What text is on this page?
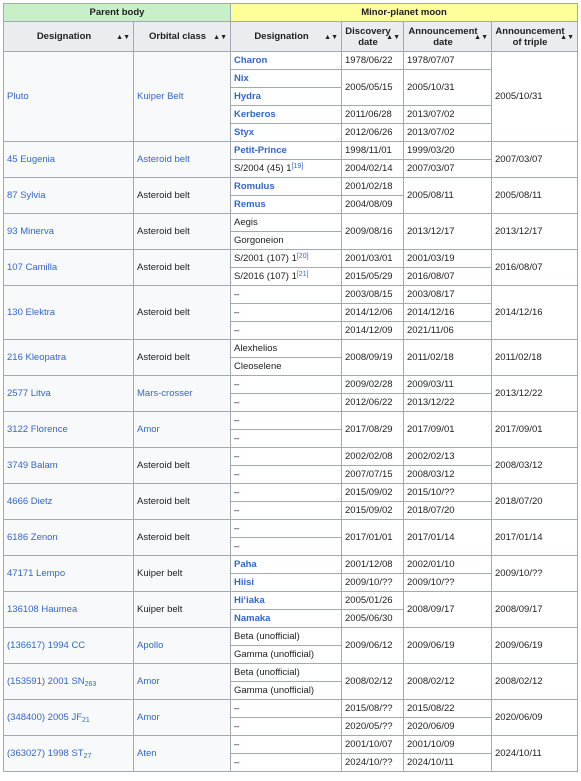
Parent body		Minor-planet moon			
Designation ▲▼	Orbital class ▲▼	Designation ▲▼	Discovery date ▲▼	Announcement date ▲▼	Announcement of triple ▲▼

Pluto	Kuiper Belt	Charon	1978/06/22	1978/07/07	2005/10/31
		Nix	2005/05/15	2005/10/31	
		Hydra			
		Kerberos	2011/06/28	2013/07/02	
		Styx	2012/06/26	2013/07/02	
45 Eugenia	Asteroid belt	Petit-Prince	1998/11/01	1999/03/20	2007/03/07
		S/2004 (45) 1[19]	2004/02/14	2007/03/07	
87 Sylvia	Asteroid belt	Romulus	2001/02/18	2005/08/11	2005/08/11
		Remus	2004/08/09		
93 Minerva	Asteroid belt	Aegis	2009/08/16	2013/12/17	2013/12/17
		Gorgoneion			
107 Camilla	Asteroid belt	S/2001 (107) 1[20]	2001/03/01	2001/03/19	2016/08/07
		S/2016 (107) 1[21]	2015/05/29	2016/08/07	
130 Elektra	Asteroid belt	–	2003/08/15	2003/08/17	2014/12/16
		–	2014/12/06	2014/12/16	
		–	2014/12/09	2021/11/06	
216 Kleopatra	Asteroid belt	Alexhelios	2008/09/19	2011/02/18	2011/02/18
		Cleoselene			
2577 Litva	Mars-crosser	–	2009/02/28	2009/03/11	2013/12/22
		–	2012/06/22	2013/12/22	
3122 Florence	Amor	–	2017/08/29	2017/09/01	2017/09/01
		–			
3749 Balam	Asteroid belt	–	2002/02/08	2002/02/13	2008/03/12
		–	2007/07/15	2008/03/12	
4666 Dietz	Asteroid belt	–	2015/09/02	2015/10/??	2018/07/20
		–	2015/09/02	2018/07/20	
6186 Zenon	Asteroid belt	–	2017/01/01	2017/01/14	2017/01/14
		–			
47171 Lempo	Kuiper belt	Paha	2001/12/08	2002/01/10	2009/10/??
		Hiisi	2009/10/??	2009/10/??	
136108 Haumea	Kuiper belt	Hiʻiaka	2005/01/26	2008/09/17	2008/09/17
		Namaka	2005/06/30		
(136617) 1994 CC	Apollo	Beta (unofficial)	2009/06/12	2009/06/19	2009/06/19
		Gamma (unofficial)			
(153591) 2001 $SN_{263}$	Amor	Beta (unofficial)	2008/02/12	2008/02/12	2008/02/12
		Gamma (unofficial)			
(348400) 2005 $JF_{21}$	Amor	–	2015/08/??	2015/08/22	2020/06/09
		–	2020/05/??	2020/06/09	
(363027) 1998 $ST_{27}$	Aten	–	2001/10/07	2001/10/09	2024/10/11
		–	2024/10/??	2024/10/11	
